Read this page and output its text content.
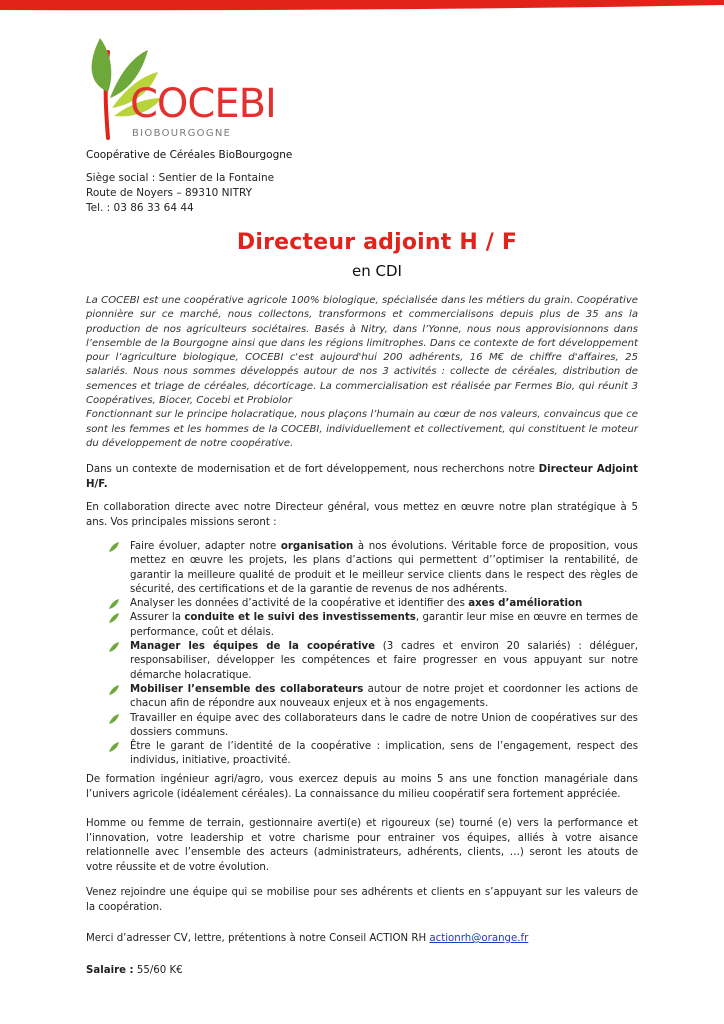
COCEBI
BIOBOURGOGNE
Coopérative de Céréales BioBourgogne
Siège social : Sentier de la Fontaine
Route de Noyers – 89310 NITRY
Tel. : 03 86 33 64 44
Directeur adjoint H / F
en CDI
La COCEBI est une coopérative agricole 100% biologique, spécialisée dans les métiers du grain. Coopérative pionnière sur ce marché, nous collectons, transformons et commercialisons depuis plus de 35 ans la production de nos agriculteurs sociétaires. Basés à Nitry, dans l’Yonne, nous nous approvisionnons dans l’ensemble de la Bourgogne ainsi que dans les régions limitrophes. Dans ce contexte de fort développement pour l’agriculture biologique, COCEBI c'est aujourd'hui 200 adhérents, 16 M€ de chiffre d'affaires, 25 salariés. Nous nous sommes développés autour de nos 3 activités : collecte de céréales, distribution de semences et triage de céréales, décorticage. La commercialisation est réalisée par Fermes Bio, qui réunit 3 Coopératives, Biocer, Cocebi et Probiolor
Fonctionnant sur le principe holacratique, nous plaçons l’humain au cœur de nos valeurs, convaincus que ce sont les femmes et les hommes de la COCEBI, individuellement et collectivement, qui constituent le moteur du développement de notre coopérative.

Dans un contexte de modernisation et de fort développement, nous recherchons notre Directeur Adjoint H/F.

En collaboration directe avec notre Directeur général, vous mettez en œuvre notre plan stratégique à 5 ans. Vos principales missions seront :

Faire évoluer, adapter notre organisation à nos évolutions. Véritable force de proposition, vous mettez en œuvre les projets, les plans d’actions qui permettent d’’optimiser la rentabilité, de garantir la meilleure qualité de produit et le meilleur service clients dans le respect des règles de sécurité, des certifications et de la garantie de revenus de nos adhérents.
Analyser les données d’activité de la coopérative et identifier des axes d’amélioration
Assurer la conduite et le suivi des investissements, garantir leur mise en œuvre en termes de performance, coût et délais.
Manager les équipes de la coopérative (3 cadres et environ 20 salariés) : déléguer, responsabiliser, développer les compétences et faire progresser en vous appuyant sur notre démarche holacratique.
Mobiliser l’ensemble des collaborateurs autour de notre projet et coordonner les actions de chacun afin de répondre aux nouveaux enjeux et à nos engagements.
Travailler en équipe avec des collaborateurs dans le cadre de notre Union de coopératives sur des dossiers communs.
Être le garant de l’identité de la coopérative : implication, sens de l’engagement, respect des individus, initiative, proactivité.

De formation ingénieur agri/agro, vous exercez depuis au moins 5 ans une fonction managériale dans l’univers agricole (idéalement céréales). La connaissance du milieu coopératif sera fortement appréciée.

Homme ou femme de terrain, gestionnaire averti(e) et rigoureux (se) tourné (e) vers la performance et l’innovation, votre leadership et votre charisme pour entrainer vos équipes, alliés à votre aisance relationnelle avec l’ensemble des acteurs (administrateurs, adhérents, clients, …) seront les atouts de votre réussite et de votre évolution.

Venez rejoindre une équipe qui se mobilise pour ses adhérents et clients en s’appuyant sur les valeurs de la coopération.

Merci d’adresser CV, lettre, prétentions à notre Conseil ACTION RH actionrh@orange.fr

Salaire : 55/60 K€
